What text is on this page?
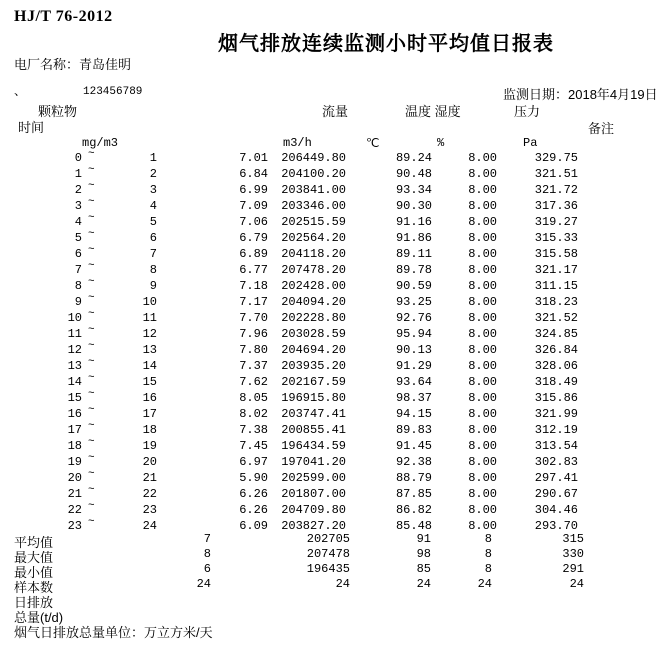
HJ/T 76-2012
烟气排放连续监测小时平均值日报表
电厂名称：青岛佳明
、	123456789	监测日期：2018年4月19日
颗粒物
时间
流量	温度 湿度	压力
备注
mg/m3	m3/h	℃	%	Pa
0 ~	1	7.01	206449.80	89.24	8.00	329.75
1 ~	2	6.84	204100.20	90.48	8.00	321.51
2 ~	3	6.99	203841.00	93.34	8.00	321.72
3 ~	4	7.09	203346.00	90.30	8.00	317.36
4 ~	5	7.06	202515.59	91.16	8.00	319.27
5 ~	6	6.79	202564.20	91.86	8.00	315.33
6 ~	7	6.89	204118.20	89.11	8.00	315.58
7 ~	8	6.77	207478.20	89.78	8.00	321.17
8 ~	9	7.18	202428.00	90.59	8.00	311.15
9 ~	10	7.17	204094.20	93.25	8.00	318.23
10 ~	11	7.70	202228.80	92.76	8.00	321.52
11 ~	12	7.96	203028.59	95.94	8.00	324.85
12 ~	13	7.80	204694.20	90.13	8.00	326.84
13 ~	14	7.37	203935.20	91.29	8.00	328.06
14 ~	15	7.62	202167.59	93.64	8.00	318.49
15 ~	16	8.05	196915.80	98.37	8.00	315.86
16 ~	17	8.02	203747.41	94.15	8.00	321.99
17 ~	18	7.38	200855.41	89.83	8.00	312.19
18 ~	19	7.45	196434.59	91.45	8.00	313.54
19 ~	20	6.97	197041.20	92.38	8.00	302.83
20 ~	21	5.90	202599.00	88.79	8.00	297.41
21 ~	22	6.26	201807.00	87.85	8.00	290.67
22 ~	23	6.26	204709.80	86.82	8.00	304.46
23 ~	24	6.09	203827.20	85.48	8.00	293.70
平均值	7	202705	91	8	315
最大值	8	207478	98	8	330
最小值	6	196435	85	8	291
样本数	24	24	24	24	24
日排放
总量(t/d)
烟气日排放总量单位：万立方米/天
